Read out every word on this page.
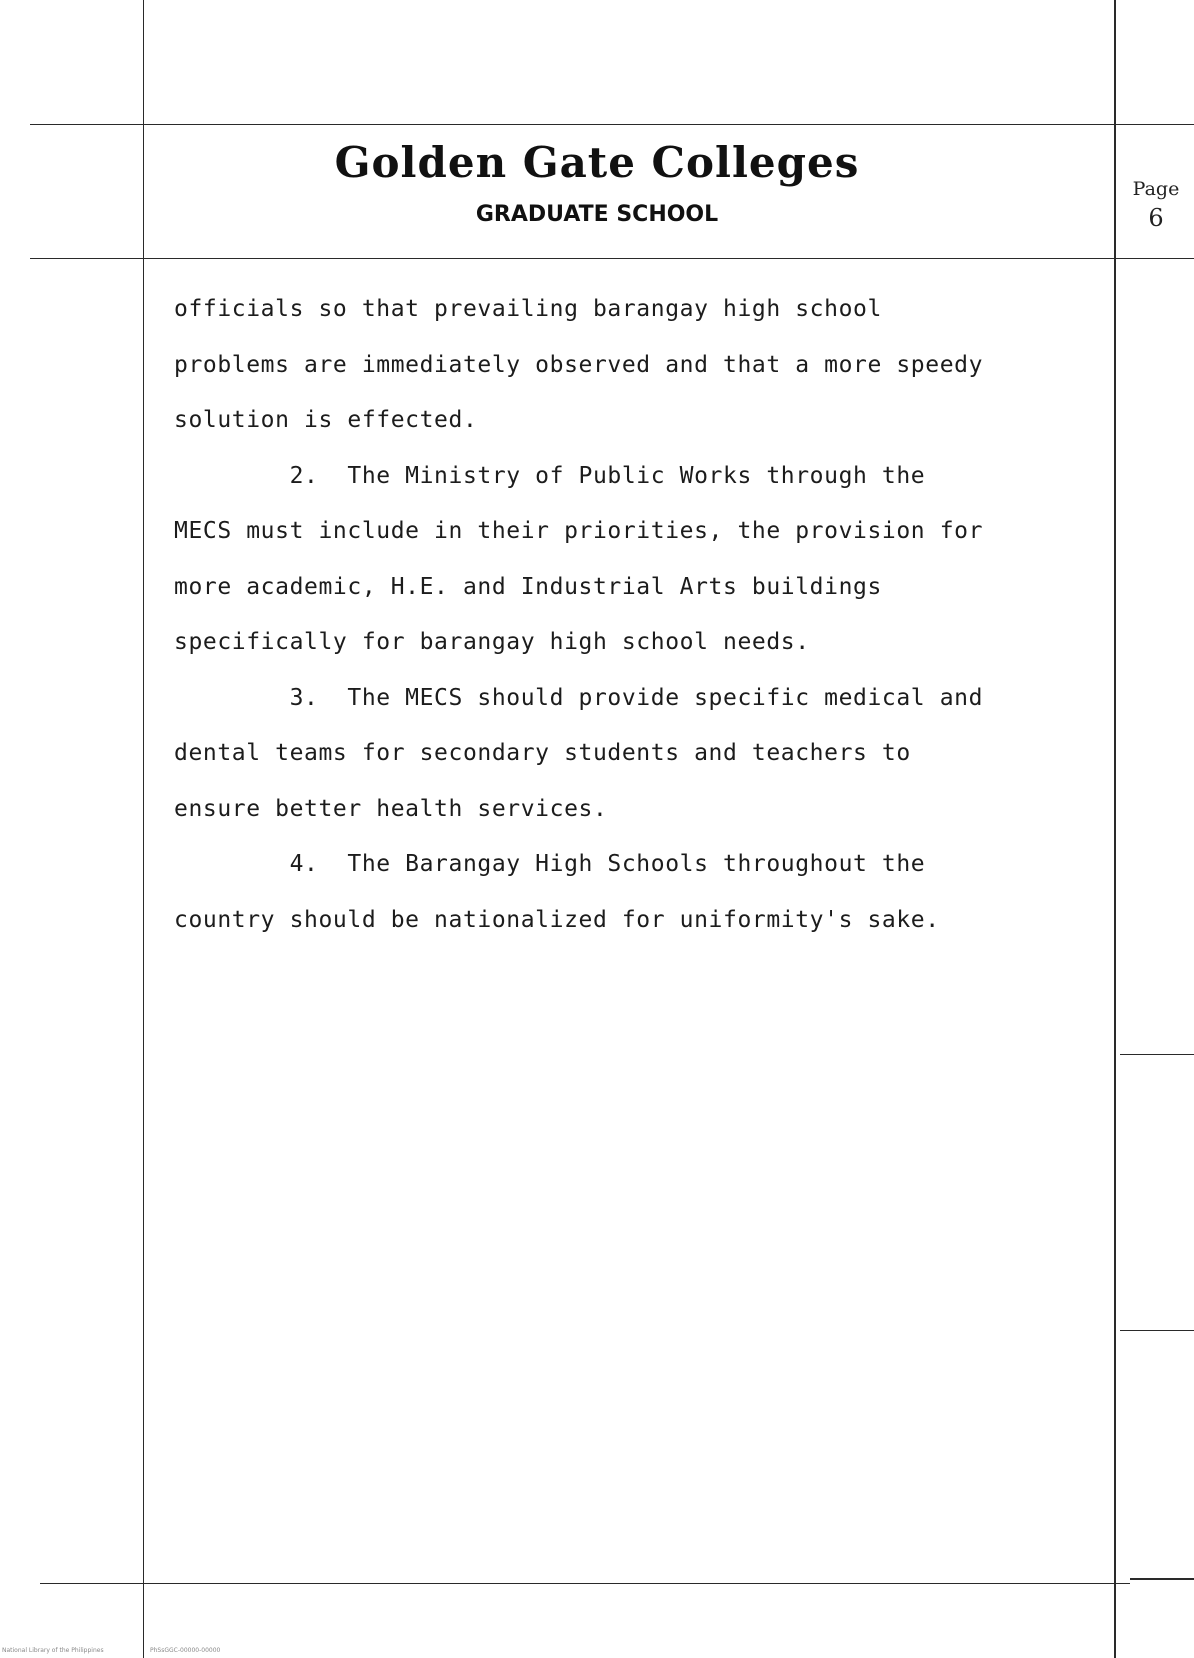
Golden Gate Colleges
GRADUATE SCHOOL
Page
6

officials so that prevailing barangay high school

problems are immediately observed and that a more speedy

solution is effected.

2.  The Ministry of Public Works through the

MECS must include in their priorities, the provision for

more academic, H.E. and Industrial Arts buildings

specifically for barangay high school needs.

3.  The MECS should provide specific medical and

dental teams for secondary students and teachers to

ensure better health services.

4.  The Barangay High Schools throughout the

country should be nationalized for uniformity's sake.

National Library of the Philippines	PhSsGGC-00000-00000
